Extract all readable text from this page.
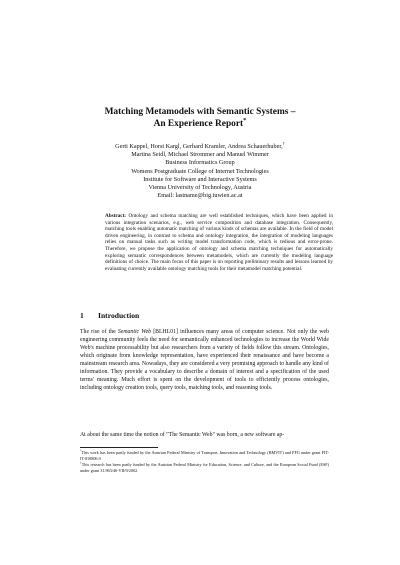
Matching Metamodels with Semantic Systems –
An Experience Report*
Gerti Kappel, Horst Kargl, Gerhard Kramler, Andrea Schauerhuber,†
Martina Seidl, Michael Strommer and Manuel Wimmer
Business Informatics Group
Womens Postgraduate College of Internet Technologies
Institute for Software and Interactive Systems
Vienna University of Technology, Austria
Email: lastname@big.tuwien.ac.at
Abstract: Ontology and schema matching are well established techniques, which have been applied in various integration scenarios, e.g., web service composition and database integration. Consequently, matching tools enabling automatic matching of various kinds of schemas are available. In the field of model driven engineering, in contrast to schema and ontology integration, the integration of modeling languages relies on manual tasks such as writing model transformation code, which is tedious and error-prone. Therefore, we propose the application of ontology and schema matching techniques for automatically exploring semantic correspondences between metamodels, which are currently the modeling language definitions of choice. The main focus of this paper is on reporting preliminary results and lessons learned by evaluating currently available ontology matching tools for their metamodel matching potential.
1 Introduction
The rise of the Semantic Web [BLHL01] influences many areas of computer science. Not only the web engineering community feels the need for semantically enhanced technologies to increase the World Wide Web's machine processability but also researchers from a variety of fields follow this stream. Ontologies, which originate from knowledge representation, have experienced their renaissance and have become a mainstream research area. Nowadays, they are considered a very promising approach to handle any kind of information. They provide a vocabulary to describe a domain of interest and a specification of the used terms' meaning. Much effort is spent on the development of tools to efficiently process ontologies, including ontology creation tools, query tools, matching tools, and reasoning tools.
At about the same time the notion of "The Semantic Web" was born, a new software ap-
*This work has been partly funded by the Austrian Federal Ministry of Transport, Innovation and Technology (BMVIT) and FFG under grant FIT-IT-810806.0
†This research has been partly funded by the Austrian Federal Ministry for Education, Science, and Culture, and the European Social Fund (ESF) under grant 31.963/46-VII/9/2002.
